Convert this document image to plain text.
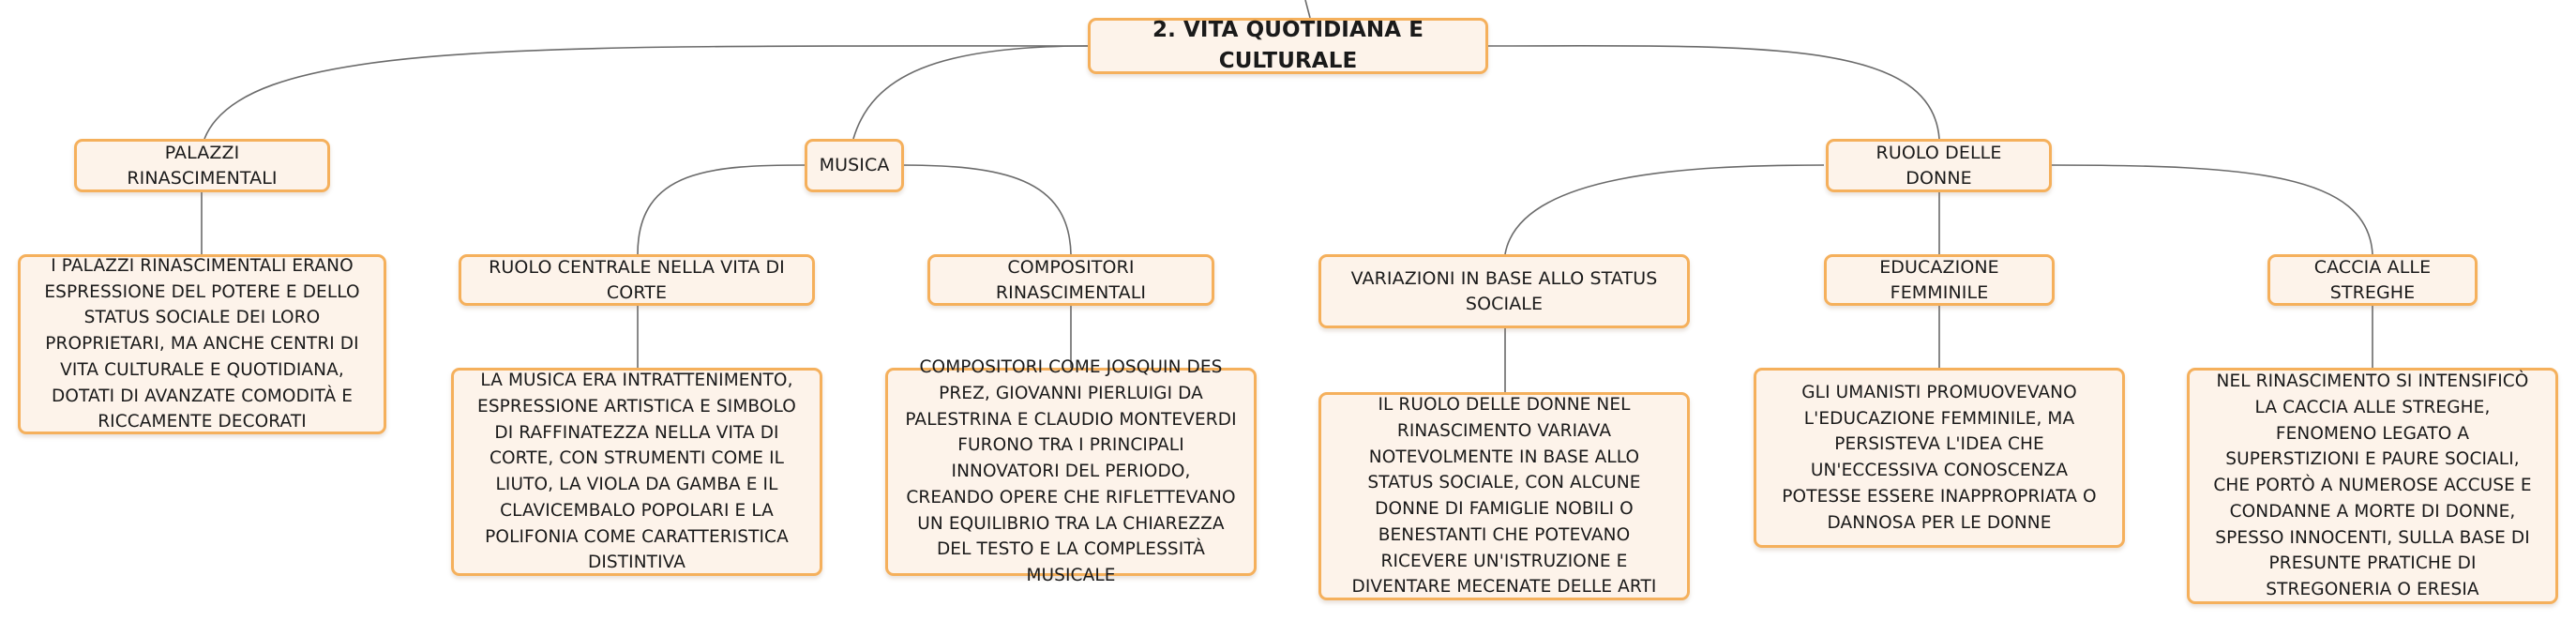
2. VITA QUOTIDIANA E CULTURALE
PALAZZI RINASCIMENTALI
MUSICA
RUOLO DELLE DONNE
I PALAZZI RINASCIMENTALI ERANO ESPRESSIONE DEL POTERE E DELLO STATUS SOCIALE DEI LORO PROPRIETARI, MA ANCHE CENTRI DI VITA CULTURALE E QUOTIDIANA, DOTATI DI AVANZATE COMODITÀ E RICCAMENTE DECORATI
RUOLO CENTRALE NELLA VITA DI CORTE
COMPOSITORI RINASCIMENTALI
VARIAZIONI IN BASE ALLO STATUS SOCIALE
EDUCAZIONE FEMMINILE
CACCIA ALLE STREGHE
LA MUSICA ERA INTRATTENIMENTO, ESPRESSIONE ARTISTICA E SIMBOLO DI RAFFINATEZZA NELLA VITA DI CORTE, CON STRUMENTI COME IL LIUTO, LA VIOLA DA GAMBA E IL CLAVICEMBALO POPOLARI E LA POLIFONIA COME CARATTERISTICA DISTINTIVA
COMPOSITORI COME JOSQUIN DES PREZ, GIOVANNI PIERLUIGI DA PALESTRINA E CLAUDIO MONTEVERDI FURONO TRA I PRINCIPALI INNOVATORI DEL PERIODO, CREANDO OPERE CHE RIFLETTEVANO UN EQUILIBRIO TRA LA CHIAREZZA DEL TESTO E LA COMPLESSITÀ MUSICALE
IL RUOLO DELLE DONNE NEL RINASCIMENTO VARIAVA NOTEVOLMENTE IN BASE ALLO STATUS SOCIALE, CON ALCUNE DONNE DI FAMIGLIE NOBILI O BENESTANTI CHE POTEVANO RICEVERE UN'ISTRUZIONE E DIVENTARE MECENATE DELLE ARTI
GLI UMANISTI PROMUOVEVANO L'EDUCAZIONE FEMMINILE, MA PERSISTEVA L'IDEA CHE UN'ECCESSIVA CONOSCENZA POTESSE ESSERE INAPPROPRIATA O DANNOSA PER LE DONNE
NEL RINASCIMENTO SI INTENSIFICÒ LA CACCIA ALLE STREGHE, FENOMENO LEGATO A SUPERSTIZIONI E PAURE SOCIALI, CHE PORTÒ A NUMEROSE ACCUSE E CONDANNE A MORTE DI DONNE, SPESSO INNOCENTI, SULLA BASE DI PRESUNTE PRATICHE DI STREGONERIA O ERESIA
